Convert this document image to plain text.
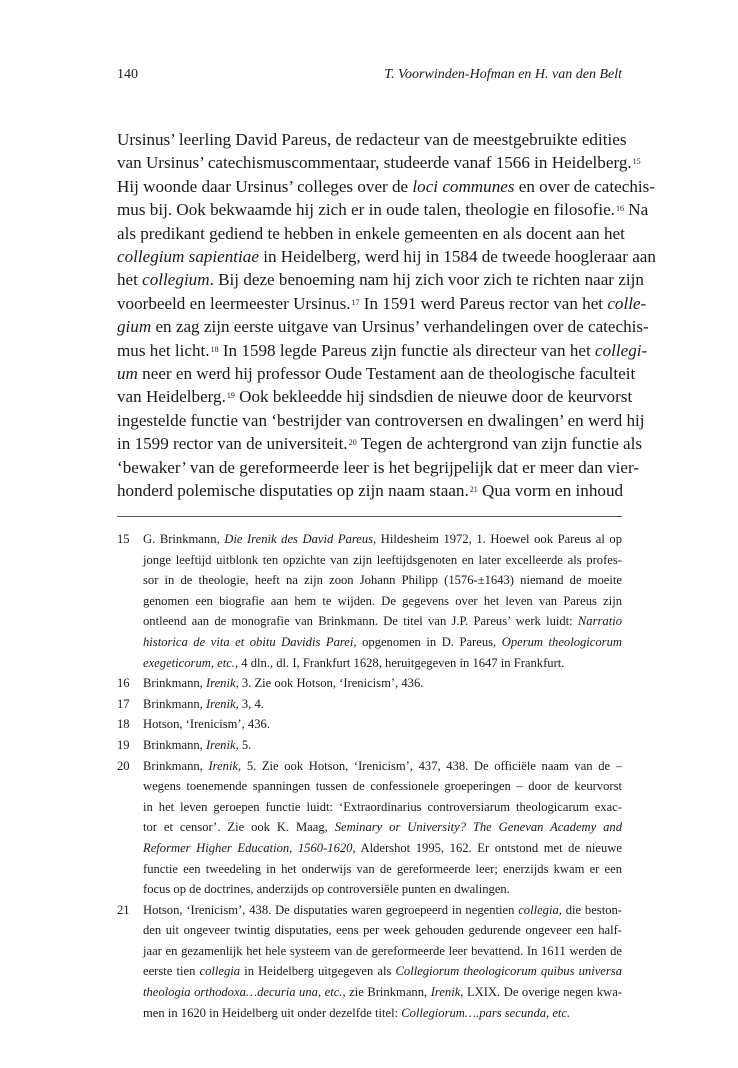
140	T. Voorwinden-Hofman en H. van den Belt
Ursinus’ leerling David Pareus, de redacteur van de meestgebruikte edities
van Ursinus’ catechismuscommentaar, studeerde vanaf 1566 in Heidelberg.$^{15}$
Hij woonde daar Ursinus’ colleges over de loci communes en over de catechis-
mus bij. Ook bekwaamde hij zich er in oude talen, theologie en filosofie.$^{16}$ Na
als predikant gediend te hebben in enkele gemeenten en als docent aan het
collegium sapientiae in Heidelberg, werd hij in 1584 de tweede hoogleraar aan
het collegium. Bij deze benoeming nam hij zich voor zich te richten naar zijn
voorbeeld en leermeester Ursinus.$^{17}$ In 1591 werd Pareus rector van het colle-
gium en zag zijn eerste uitgave van Ursinus’ verhandelingen over de catechis-
mus het licht.$^{18}$ In 1598 legde Pareus zijn functie als directeur van het collegi-
um neer en werd hij professor Oude Testament aan de theologische faculteit
van Heidelberg.$^{19}$ Ook bekleedde hij sindsdien de nieuwe door de keurvorst
ingestelde functie van ‘bestrijder van controversen en dwalingen’ en werd hij
in 1599 rector van de universiteit.$^{20}$ Tegen de achtergrond van zijn functie als
‘bewaker’ van de gereformeerde leer is het begrijpelijk dat er meer dan vier-
honderd polemische disputaties op zijn naam staan.$^{21}$ Qua vorm en inhoud
15 G. Brinkmann, Die Irenik des David Pareus, Hildesheim 1972, 1. Hoewel ook Pareus al op
jonge leeftijd uitblonk ten opzichte van zijn leeftijdsgenoten en later excelleerde als profes-
sor in de theologie, heeft na zijn zoon Johann Philipp (1576-±1643) niemand de moeite
genomen een biografie aan hem te wijden. De gegevens over het leven van Pareus zijn
ontleend aan de monografie van Brinkmann. De titel van J.P. Pareus’ werk luidt: Narratio
historica de vita et obitu Davidis Parei, opgenomen in D. Pareus, Operum theologicorum
exegeticorum, etc., 4 dln., dl. I, Frankfurt 1628, heruitgegeven in 1647 in Frankfurt.
16 Brinkmann, Irenik, 3. Zie ook Hotson, ‘Irenicism’, 436.
17 Brinkmann, Irenik, 3, 4.
18 Hotson, ‘Irenicism’, 436.
19 Brinkmann, Irenik, 5.
20 Brinkmann, Irenik, 5. Zie ook Hotson, ‘Irenicism’, 437, 438. De officiële naam van de –
wegens toenemende spanningen tussen de confessionele groeperingen – door de keurvorst
in het leven geroepen functie luidt: ‘Extraordinarius controversiarum theologicarum exac-
tor et censor’. Zie ook K. Maag, Seminary or University? The Genevan Academy and
Reformer Higher Education, 1560-1620, Aldershot 1995, 162. Er ontstond met de nieuwe
functie een tweedeling in het onderwijs van de gereformeerde leer; enerzijds kwam er een
focus op de doctrines, anderzijds op controversiële punten en dwalingen.
21 Hotson, ‘Irenicism’, 438. De disputaties waren gegroepeerd in negentien collegia, die beston-
den uit ongeveer twintig disputaties, eens per week gehouden gedurende ongeveer een half-
jaar en gezamenlijk het hele systeem van de gereformeerde leer bevattend. In 1611 werden de
eerste tien collegia in Heidelberg uitgegeven als Collegiorum theologicorum quibus universa
theologia orthodoxa…decuria una, etc., zie Brinkmann, Irenik, LXIX. De overige negen kwa-
men in 1620 in Heidelberg uit onder dezelfde titel: Collegiorum….pars secunda, etc.
